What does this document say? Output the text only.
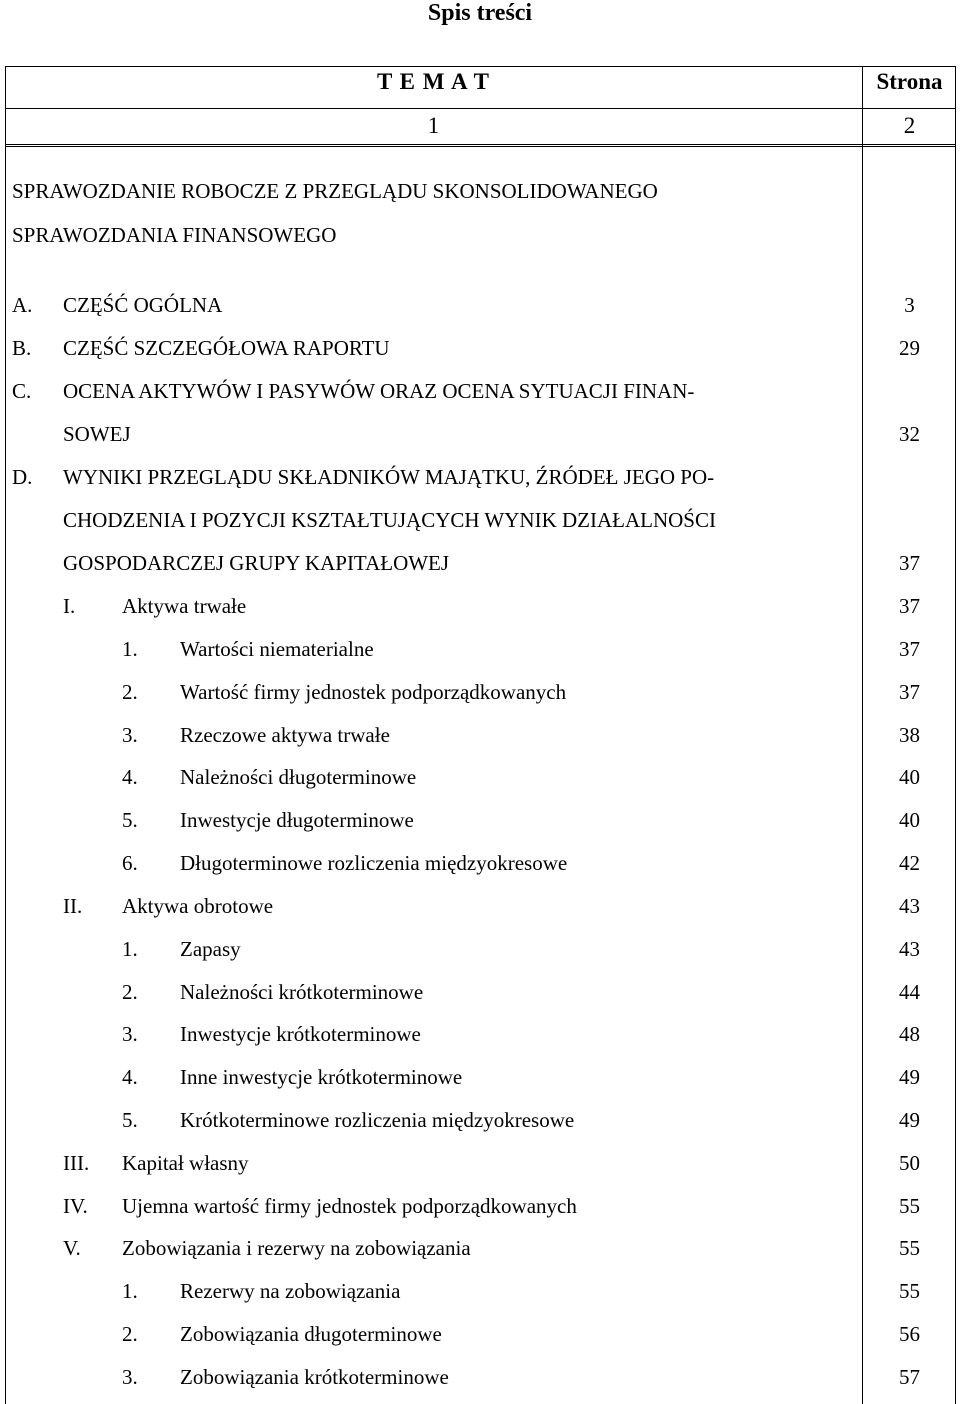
Spis treści
T E M A T	Strona
1	2
SPRAWOZDANIE ROBOCZE Z PRZEGLĄDU SKONSOLIDOWANEGO
SPRAWOZDANIA FINANSOWEGO
A. CZĘŚĆ OGÓLNA	3
B. CZĘŚĆ SZCZEGÓŁOWA RAPORTU	29
C. OCENA AKTYWÓW I PASYWÓW ORAZ OCENA SYTUACJI FINAN-
SOWEJ	32
D. WYNIKI PRZEGLĄDU SKŁADNIKÓW MAJĄTKU, ŹRÓDEŁ JEGO PO-
CHODZENIA I POZYCJI KSZTAŁTUJĄCYCH WYNIK DZIAŁALNOŚCI
GOSPODARCZEJ GRUPY KAPITAŁOWEJ	37
I. Aktywa trwałe	37
1. Wartości niematerialne	37
2. Wartość firmy jednostek podporządkowanych	37
3. Rzeczowe aktywa trwałe	38
4. Należności długoterminowe	40
5. Inwestycje długoterminowe	40
6. Długoterminowe rozliczenia międzyokresowe	42
II. Aktywa obrotowe	43
1. Zapasy	43
2. Należności krótkoterminowe	44
3. Inwestycje krótkoterminowe	48
4. Inne inwestycje krótkoterminowe	49
5. Krótkoterminowe rozliczenia międzyokresowe	49
III. Kapitał własny	50
IV. Ujemna wartość firmy jednostek podporządkowanych	55
V. Zobowiązania i rezerwy na zobowiązania	55
1. Rezerwy na zobowiązania	55
2. Zobowiązania długoterminowe	56
3. Zobowiązania krótkoterminowe	57
